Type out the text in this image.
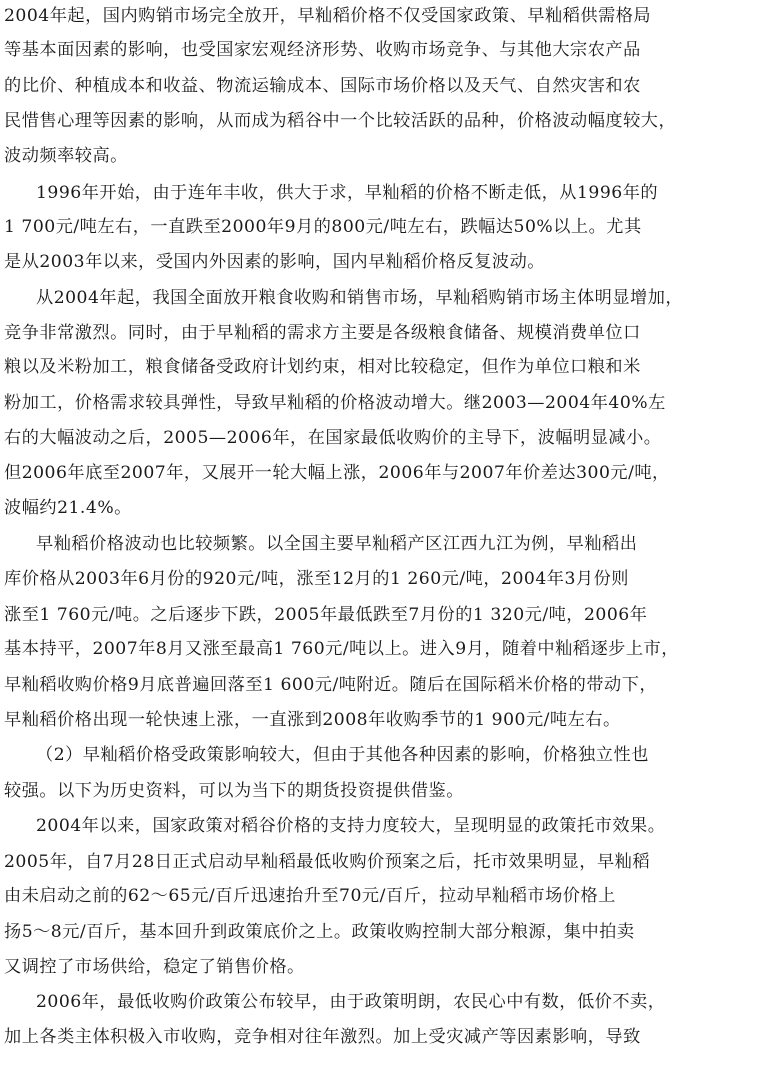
2004年起，国内购销市场完全放开，早籼稻价格不仅受国家政策、早籼稻供需格局
等基本面因素的影响，也受国家宏观经济形势、收购市场竞争、与其他大宗农产品
的比价、种植成本和收益、物流运输成本、国际市场价格以及天气、自然灾害和农
民惜售心理等因素的影响，从而成为稻谷中一个比较活跃的品种，价格波动幅度较大，
波动频率较高。
1996年开始，由于连年丰收，供大于求，早籼稻的价格不断走低，从1996年的
1 700元/吨左右，一直跌至2000年9月的800元/吨左右，跌幅达50%以上。尤其
是从2003年以来，受国内外因素的影响，国内早籼稻价格反复波动。
从2004年起，我国全面放开粮食收购和销售市场，早籼稻购销市场主体明显增加，
竞争非常激烈。同时，由于早籼稻的需求方主要是各级粮食储备、规模消费单位口
粮以及米粉加工，粮食储备受政府计划约束，相对比较稳定，但作为单位口粮和米
粉加工，价格需求较具弹性，导致早籼稻的价格波动增大。继2003—2004年40%左
右的大幅波动之后，2005—2006年，在国家最低收购价的主导下，波幅明显减小。
但2006年底至2007年，又展开一轮大幅上涨，2006年与2007年价差达300元/吨，
波幅约21.4%。
早籼稻价格波动也比较频繁。以全国主要早籼稻产区江西九江为例，早籼稻出
库价格从2003年6月份的920元/吨，涨至12月的1 260元/吨，2004年3月份则
涨至1 760元/吨。之后逐步下跌，2005年最低跌至7月份的1 320元/吨，2006年
基本持平，2007年8月又涨至最高1 760元/吨以上。进入9月，随着中籼稻逐步上市，
早籼稻收购价格9月底普遍回落至1 600元/吨附近。随后在国际稻米价格的带动下，
早籼稻价格出现一轮快速上涨，一直涨到2008年收购季节的1 900元/吨左右。
（2）早籼稻价格受政策影响较大，但由于其他各种因素的影响，价格独立性也
较强。以下为历史资料，可以为当下的期货投资提供借鉴。
2004年以来，国家政策对稻谷价格的支持力度较大，呈现明显的政策托市效果。
2005年，自7月28日正式启动早籼稻最低收购价预案之后，托市效果明显，早籼稻
由未启动之前的62～65元/百斤迅速抬升至70元/百斤，拉动早籼稻市场价格上
扬5～8元/百斤，基本回升到政策底价之上。政策收购控制大部分粮源，集中拍卖
又调控了市场供给，稳定了销售价格。
2006年，最低收购价政策公布较早，由于政策明朗，农民心中有数，低价不卖，
加上各类主体积极入市收购，竞争相对往年激烈。加上受灾减产等因素影响，导致
